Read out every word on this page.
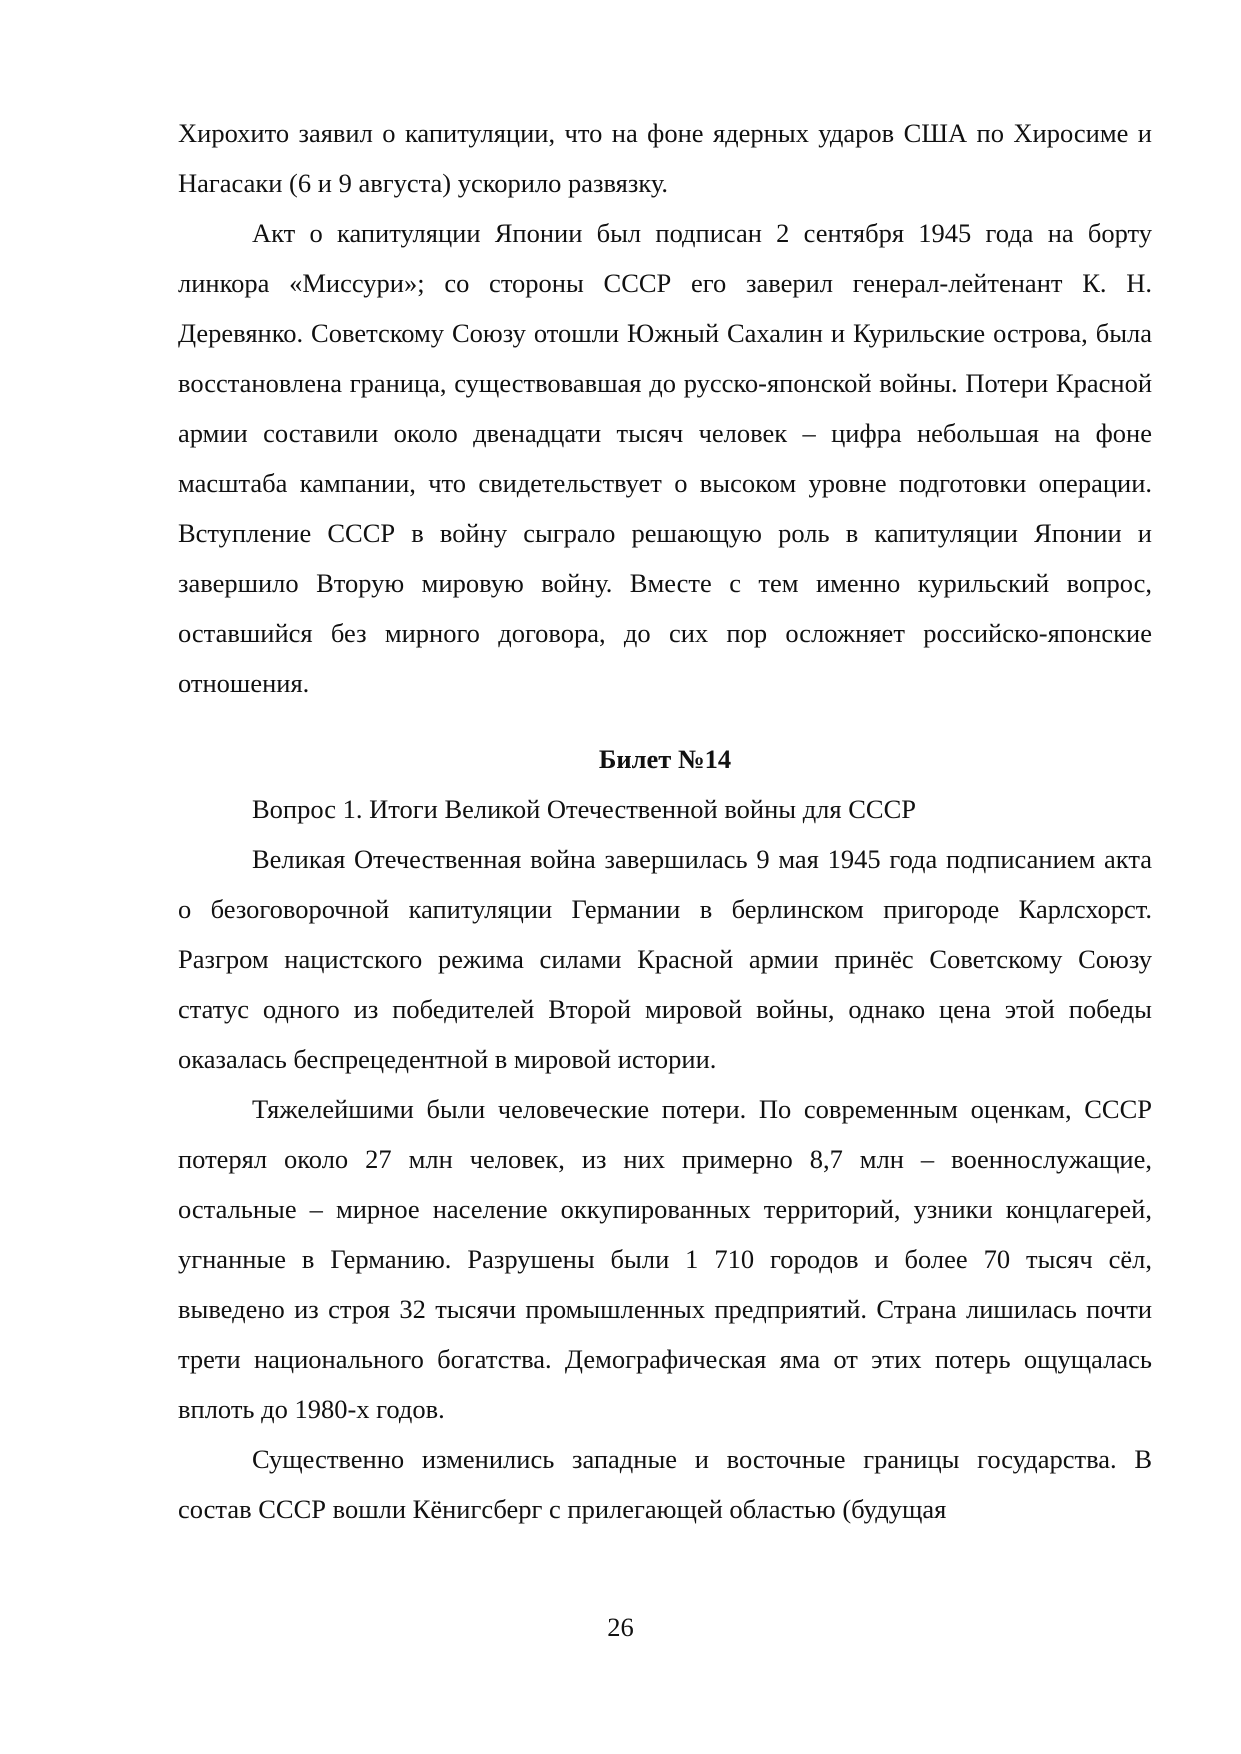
Хирохито заявил о капитуляции, что на фоне ядерных ударов США по Хиросиме и Нагасаки (6 и 9 августа) ускорило развязку.

Акт о капитуляции Японии был подписан 2 сентября 1945 года на борту линкора «Миссури»; со стороны СССР его заверил генерал-лейтенант К. Н. Деревянко. Советскому Союзу отошли Южный Сахалин и Курильские острова, была восстановлена граница, существовавшая до русско-японской войны. Потери Красной армии составили около двенадцати тысяч человек – цифра небольшая на фоне масштаба кампании, что свидетельствует о высоком уровне подготовки операции. Вступление СССР в войну сыграло решающую роль в капитуляции Японии и завершило Вторую мировую войну. Вместе с тем именно курильский вопрос, оставшийся без мирного договора, до сих пор осложняет российско-японские отношения.

Билет №14

Вопрос 1. Итоги Великой Отечественной войны для СССР

Великая Отечественная война завершилась 9 мая 1945 года подписанием акта о безоговорочной капитуляции Германии в берлинском пригороде Карлсхорст. Разгром нацистского режима силами Красной армии принёс Советскому Союзу статус одного из победителей Второй мировой войны, однако цена этой победы оказалась беспрецедентной в мировой истории.

Тяжелейшими были человеческие потери. По современным оценкам, СССР потерял около 27 млн человек, из них примерно 8,7 млн – военнослужащие, остальные – мирное население оккупированных территорий, узники концлагерей, угнанные в Германию. Разрушены были 1 710 городов и более 70 тысяч сёл, выведено из строя 32 тысячи промышленных предприятий. Страна лишилась почти трети национального богатства. Демографическая яма от этих потерь ощущалась вплоть до 1980-х годов.

Существенно изменились западные и восточные границы государства. В состав СССР вошли Кёнигсберг с прилегающей областью (будущая

26
